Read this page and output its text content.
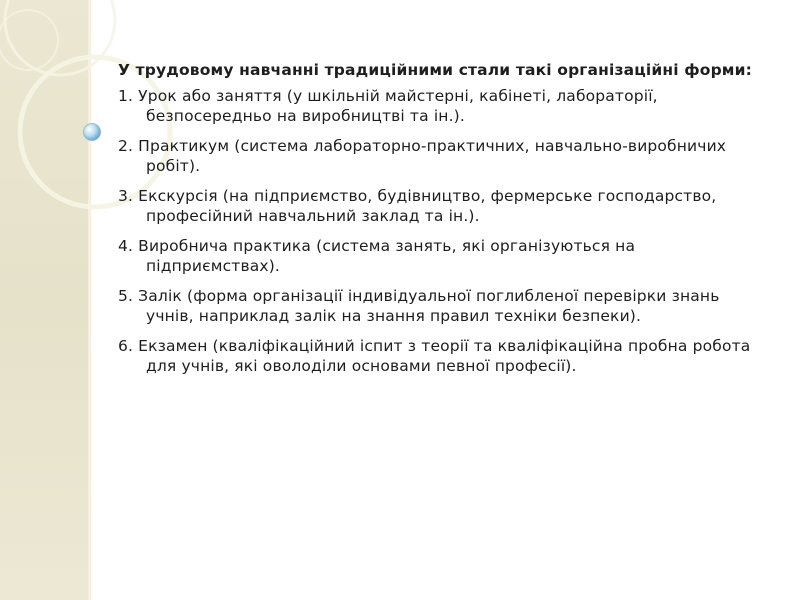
У трудовому навчанні традиційними стали такі організаційні форми:

1. Урок або заняття (у шкільній майстерні, кабінеті, лабораторії, безпосередньо на виробництві та ін.).

2. Практикум (система лабораторно-практичних, навчально-виробничих робіт).

3. Екскурсія (на підприємство, будівництво, фермерське господарство, професійний навчальний заклад та ін.).

4. Виробнича практика (система занять, які організуються на підприємствах).

5. Залік (форма організації індивідуальної поглибленої перевірки знань учнів, наприклад залік на знання правил техніки безпеки).

6. Екзамен (кваліфікаційний іспит з теорії та кваліфікаційна пробна робота для учнів, які оволоділи основами певної професії).
